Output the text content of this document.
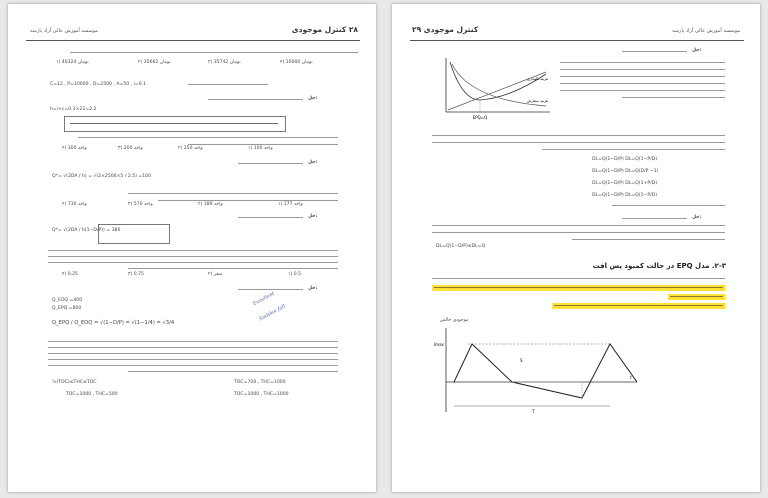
۲۸ کنترل موجودی
موسسه آموزش عالی آزاد پارسه
۱) 40324 تومان	۲) 35662 تومان	۳) 35742 تومان	۴) 10000 تومان
C=12 , P=10000 , D=2500 , A=50 , i=0.1
حل:
h=i×c=0.1×22=2.2
۴) 300 واحد	۳) 200 واحد	۲) 250 واحد	۱) 100 واحد
حل:
Q*= √(2DA / h) = √(2×2500×5 / 2.5) =100
۴) 730 واحد	۳) 570 واحد	۲) 189 واحد	۱) 177 واحد
حل:
Q*= √(2DA / h(1−D/P)) = 380
۴) 0.25	۳) 0.75	۲) صفر	۱) 0.5
حل:
Q_EOQ =400
Q_EPQ =800
Q_EPQ / Q_EOQ = √(1−D/P) = √(1−1/4) = √3/4
Excellent
Sudden fall
½(TOC)≤THC≤TOC	TOC=700 , THC=1000
TOC=1000 , THC=500	TOC=1000 , THC=1000
کنترل موجودی ۲۹	موسسه آموزش عالی آزاد پارسه
هزینه نگهداری
هزینه سفارش
EPQ=Q
حل:
DL=Q(1−D/P) DL=Q(1−P/D)
DL=Q(1−D/P) DL=Q(D/P −1)
DL=Q(1−D/P) DL=Q(1+P/D)
DL=Q(1−D/P) DL=Q(1−P/D)
حل:
DL=Q(1−D/P)≤DL=Q
۲-۳. مدل EPQ در حالت کمبود پس افت
موجودی خالص
Imax
S
t
T
